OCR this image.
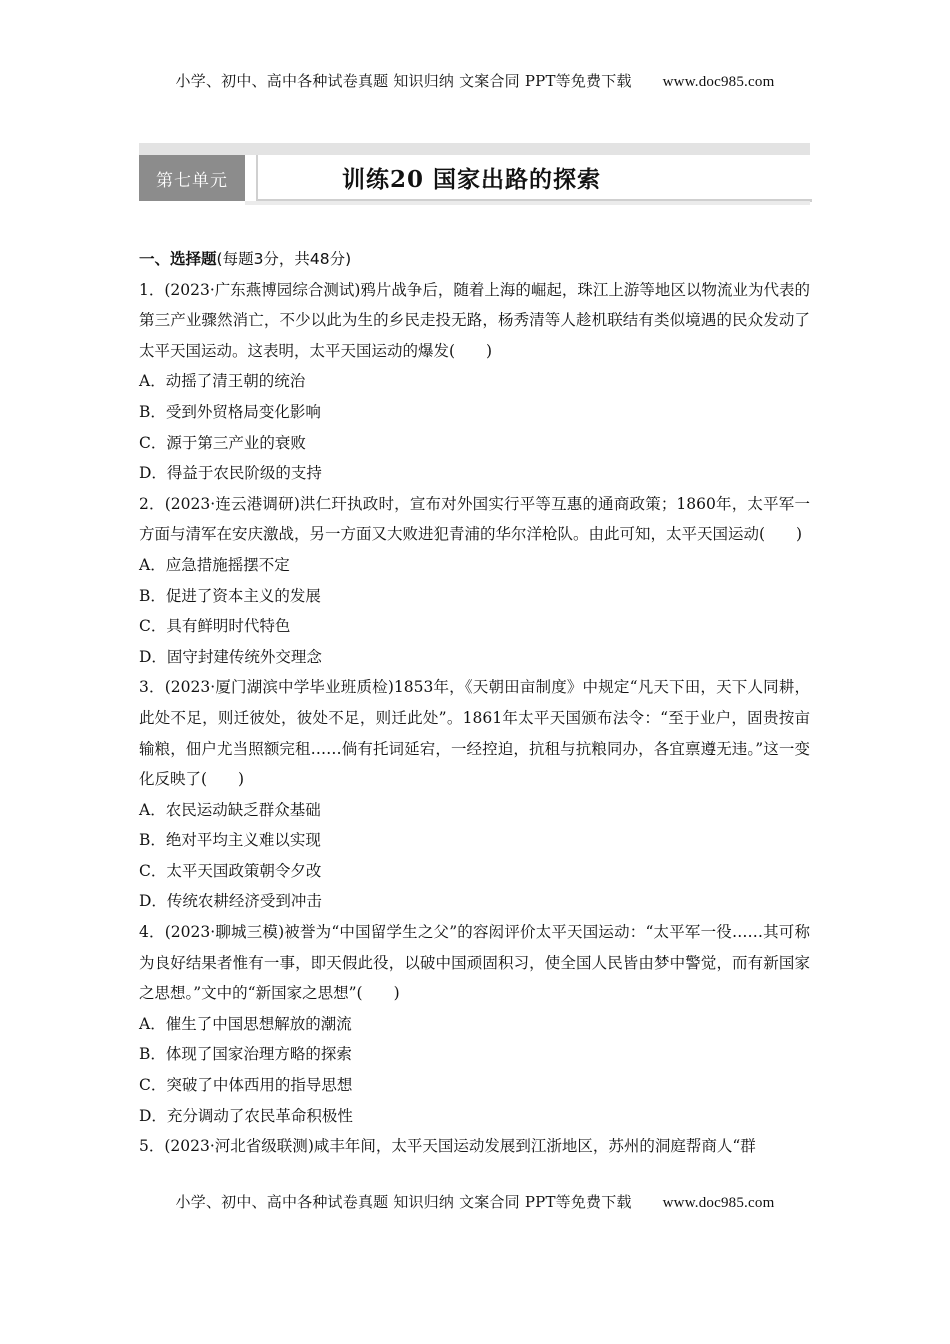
小学、初中、高中各种试卷真题 知识归纳 文案合同 PPT等免费下载 www.doc985.com
第七单元	训练20 国家出路的探索
一、选择题(每题3分，共48分)
1．(2023·广东燕博园综合测试)鸦片战争后，随着上海的崛起，珠江上游等地区以物流业为代表的第三产业骤然消亡，不少以此为生的乡民走投无路，杨秀清等人趁机联结有类似境遇的民众发动了太平天国运动。这表明，太平天国运动的爆发(　　)
A．动摇了清王朝的统治
B．受到外贸格局变化影响
C．源于第三产业的衰败
D．得益于农民阶级的支持
2．(2023·连云港调研)洪仁玕执政时，宣布对外国实行平等互惠的通商政策；1860年，太平军一方面与清军在安庆激战，另一方面又大败进犯青浦的华尔洋枪队。由此可知，太平天国运动(　　)
A．应急措施摇摆不定
B．促进了资本主义的发展
C．具有鲜明时代特色
D．固守封建传统外交理念
3．(2023·厦门湖滨中学毕业班质检)1853年，《天朝田亩制度》中规定“凡天下田，天下人同耕，此处不足，则迁彼处，彼处不足，则迁此处”。1861年太平天国颁布法令：“至于业户，固贵按亩输粮，佃户尤当照额完租……倘有托词延宕，一经控迫，抗租与抗粮同办，各宜禀遵无违。”这一变化反映了(　　)
A．农民运动缺乏群众基础
B．绝对平均主义难以实现
C．太平天国政策朝令夕改
D．传统农耕经济受到冲击
4．(2023·聊城三模)被誉为“中国留学生之父”的容闳评价太平天国运动：“太平军一役……其可称为良好结果者惟有一事，即天假此役，以破中国顽固积习，使全国人民皆由梦中警觉，而有新国家之思想。”文中的“新国家之思想”(　　)
A．催生了中国思想解放的潮流
B．体现了国家治理方略的探索
C．突破了中体西用的指导思想
D．充分调动了农民革命积极性
5．(2023·河北省级联测)咸丰年间，太平天国运动发展到江浙地区，苏州的洞庭帮商人“群
小学、初中、高中各种试卷真题 知识归纳 文案合同 PPT等免费下载 www.doc985.com
